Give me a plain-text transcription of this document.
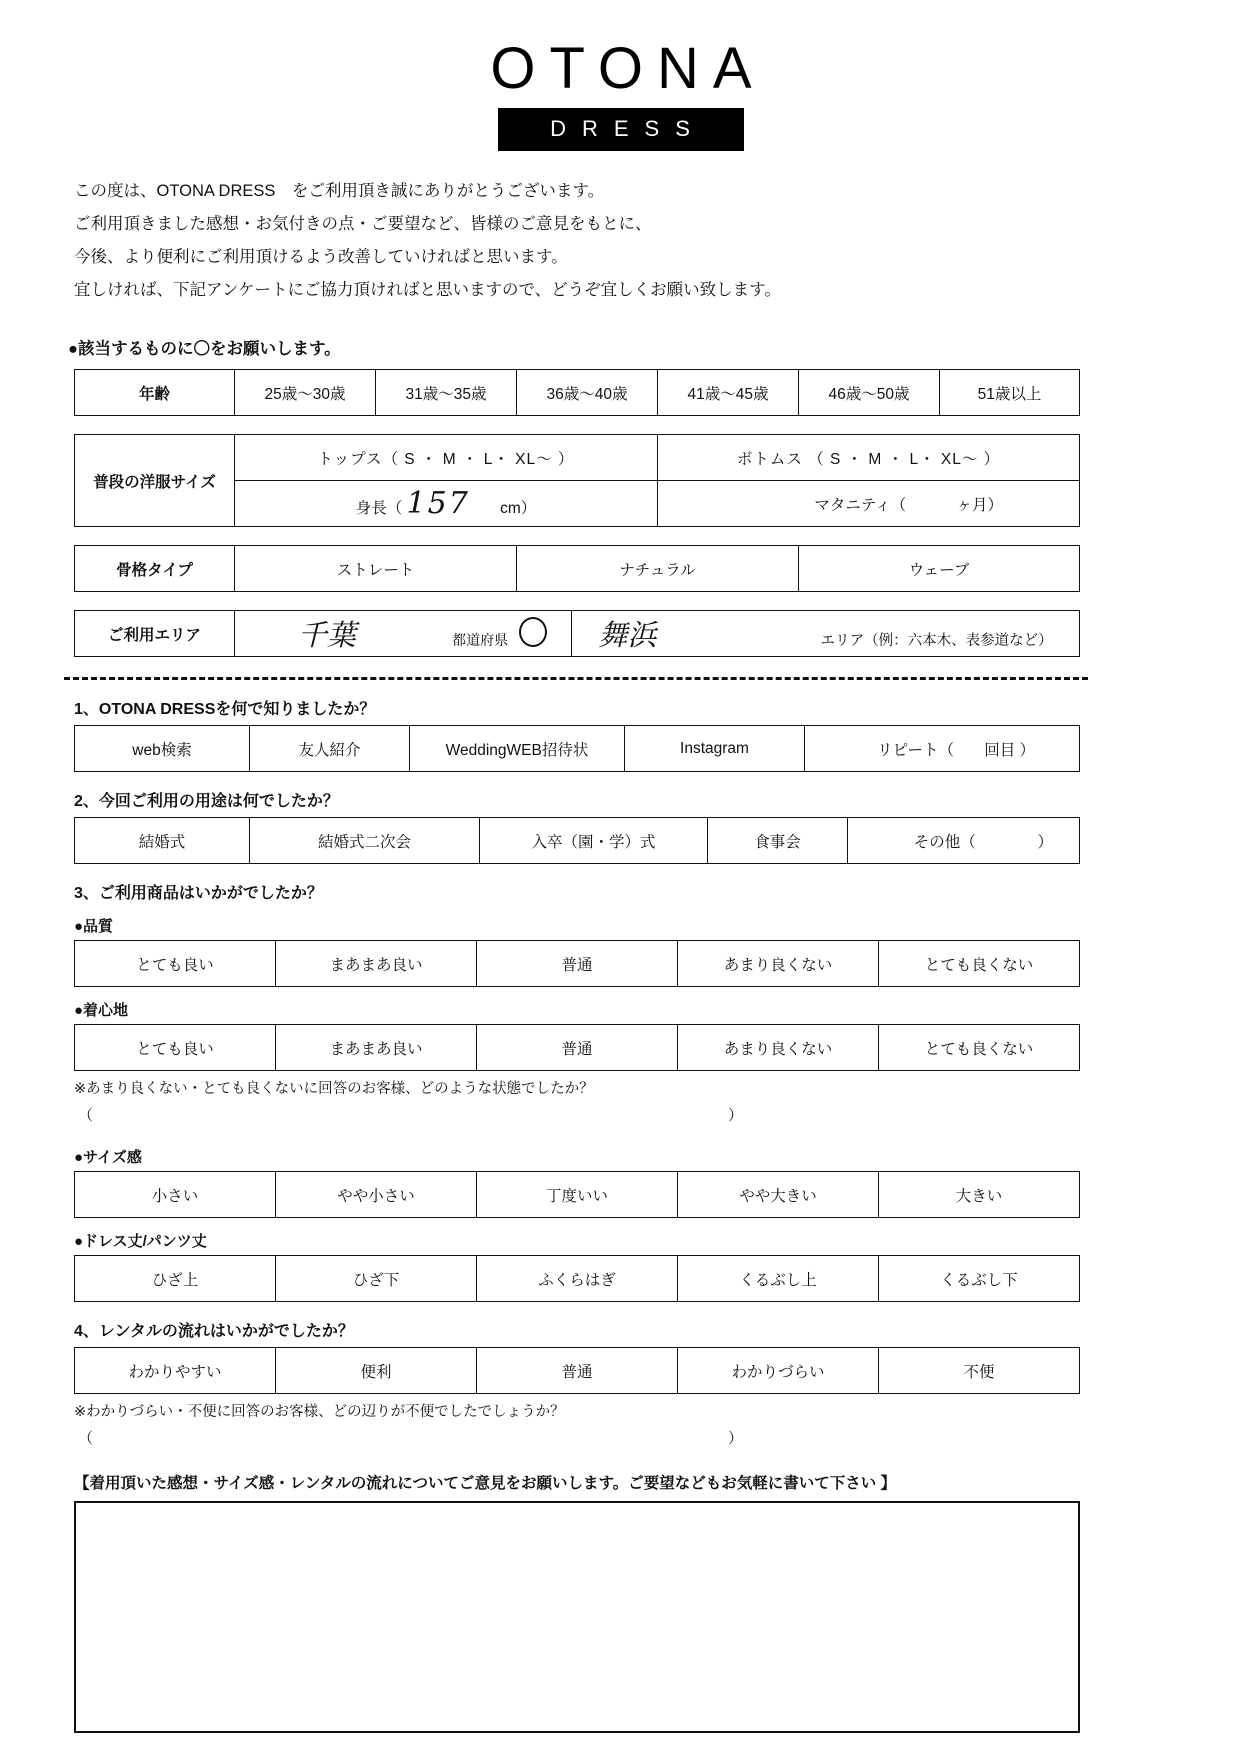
OTONA
DRESS
この度は、OTONA DRESS　をご利用頂き誠にありがとうございます。
ご利用頂きました感想・お気付きの点・ご要望など、皆様のご意見をもとに、
今後、より便利にご利用頂けるよう改善していければと思います。
宜しければ、下記アンケートにご協力頂ければと思いますので、どうぞ宜しくお願い致します。
●該当するものに〇をお願いします。
年齢	25歳～30歳	31歳～35歳	36歳～40歳	41歳～45歳	46歳～50歳	51歳以上
普段の洋服サイズ	トップス（ S ・ M ・ L・ XL～ ）	ボトムス （ S ・ M ・ L・ XL～ ）
	身長（ 157 cm）	マタニティ（ ヶ月）
骨格タイプ	ストレート	ナチュラル	ウェーブ
ご利用エリア	千葉	都道府県	舞浜	エリア（例：六本木、表参道など）
1、OTONA DRESSを何で知りましたか？
web検索	友人紹介	WeddingWEB招待状	Instagram	リピート（ 回目 ）
2、今回ご利用の用途は何でしたか？
結婚式	結婚式二次会	入卒（園・学）式	食事会	その他（	）
3、ご利用商品はいかがでしたか？
●品質
とても良い	まあまあ良い	普通	あまり良くない	とても良くない
●着心地
とても良い	まあまあ良い	普通	あまり良くない	とても良くない
※あまり良くない・とても良くないに回答のお客様、どのような状態でしたか？
（	）
●サイズ感
小さい	やや小さい	丁度いい	やや大きい	大きい
●ドレス丈/パンツ丈
ひざ上	ひざ下	ふくらはぎ	くるぶし上	くるぶし下
4、レンタルの流れはいかがでしたか？
わかりやすい	便利	普通	わかりづらい	不便
※わかりづらい・不便に回答のお客様、どの辺りが不便でしたでしょうか？
（	）
【着用頂いた感想・サイズ感・レンタルの流れについてご意見をお願いします。ご要望などもお気軽に書いて下さい 】
